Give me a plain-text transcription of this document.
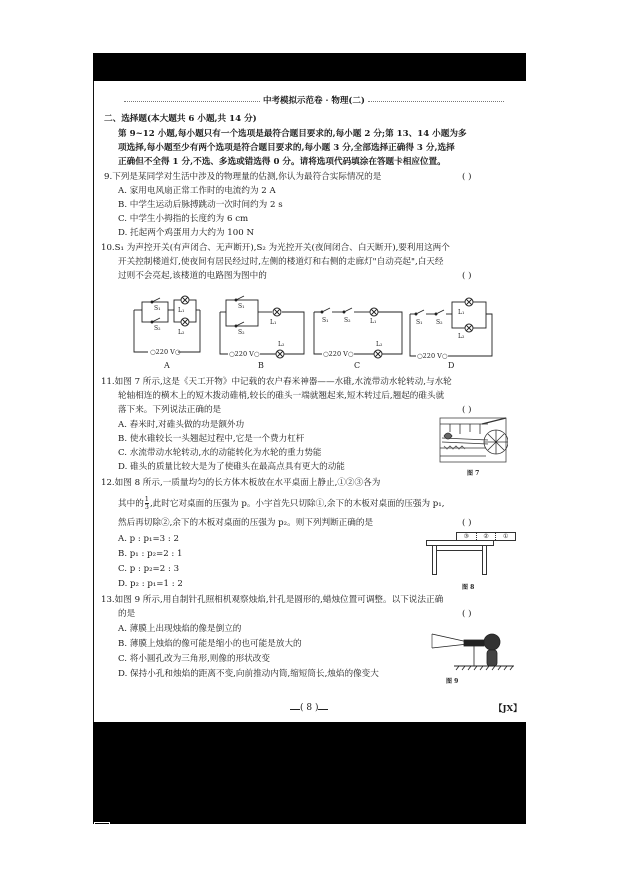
中考模拟示范卷 · 物理(二)
二、选择题(本大题共 6 小题,共 14 分)
第 9~12 小题,每小题只有一个选项是最符合题目要求的,每小题 2 分;第 13、14 小题为多
项选择,每小题至少有两个选项是符合题目要求的,每小题 3 分,全部选择正确得 3 分,选择
正确但不全得 1 分,不选、多选或错选得 0 分。请将选项代码填涂在答题卡相应位置。
9.下列是某同学对生活中涉及的物理量的估测,你认为最符合实际情况的是	( )
A. 家用电风扇正常工作时的电流约为 2 A
B. 中学生运动后脉搏跳动一次时间约为 2 s
C. 中学生小拇指的长度约为 6 cm
D. 托起两个鸡蛋用力大约为 100 N
10.S₁ 为声控开关(有声闭合、无声断开),S₂ 为光控开关(夜间闭合、白天断开),要利用这两个
开关控制楼道灯,使夜间有居民经过时,左侧的楼道灯和右侧的走廊灯"自动亮起",白天经
过则不会亮起,该楼道的电路图为图中的	( )
S₁
S₂
L₁
L₂
○220 V○
A
S₁
S₂
L₁
L₂
○220 V○
B
S₁	S₂	L₁
L₂
○220 V○
C
S₁ S₂
L₁
L₂
○220 V○
D
11.如图 7 所示,这是《天工开物》中记载的农户舂米神器——水碓,水流带动水轮转动,与水轮
轮轴相连的横木上的短木拨动碓梢,较长的碓头一端就翘起来,短木转过后,翘起的碓头就
落下来。下列说法正确的是	( )
A. 舂米时,对碓头做的功是额外功
B. 使水碓较长一头翘起过程中,它是一个费力杠杆
C. 水流带动水轮转动,水的动能转化为水轮的重力势能
D. 碓头的质量比较大是为了使碓头在最高点具有更大的动能
图 7
12.如图 8 所示,一质量均匀的长方体木板放在水平桌面上静止,①②③各为
其中的 $\frac{1}{3}$ ,此时它对桌面的压强为 p。小宇首先只切除①,余下的木板对桌面的压强为 p₁,
然后再切除②,余下的木板对桌面的压强为 p₂。则下列判断正确的是	( )
A. p : p₁=3 : 2
B. p₁ : p₂=2 : 1
C. p : p₂=2 : 3
D. p₂ : p₁=1 : 2
③	②	①
图 8
13.如图 9 所示,用自制针孔照相机观察烛焰,针孔是圆形的,蜡烛位置可调整。以下说法正确
的是	( )
A. 薄膜上出现烛焰的像是倒立的
B. 薄膜上烛焰的像可能是缩小的也可能是放大的
C. 将小圆孔改为三角形,则像的形状改变
D. 保持小孔和烛焰的距离不变,向前推动内筒,缩短筒长,烛焰的像变大
图 9
( 8 )	【JX】
